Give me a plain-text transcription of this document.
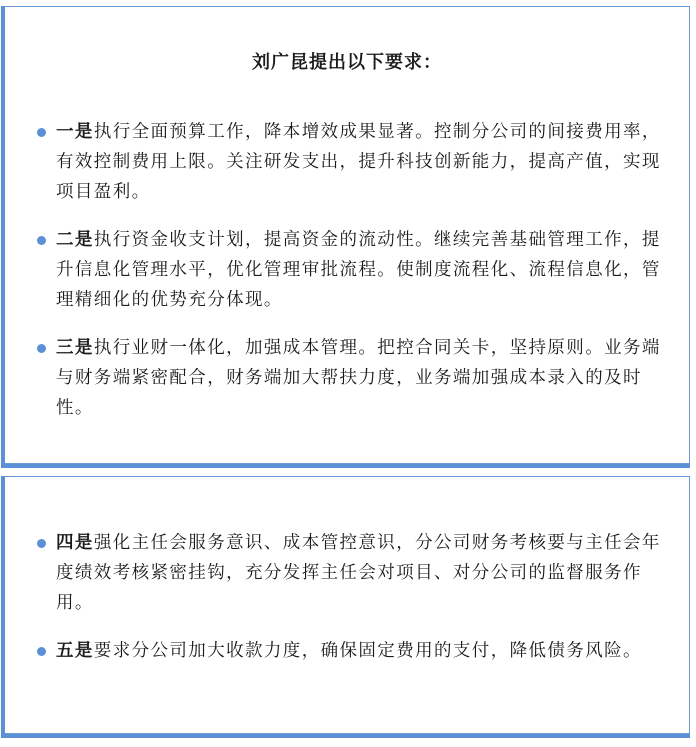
刘广昆提出以下要求：
一是执行全面预算工作，降本增效成果显著。控制分公司的间接费用率，有效控制费用上限。关注研发支出，提升科技创新能力，提高产值，实现项目盈利。
二是执行资金收支计划，提高资金的流动性。继续完善基础管理工作，提升信息化管理水平，优化管理审批流程。使制度流程化、流程信息化，管理精细化的优势充分体现。
三是执行业财一体化，加强成本管理。把控合同关卡，坚持原则。业务端与财务端紧密配合，财务端加大帮扶力度，业务端加强成本录入的及时性。
四是强化主任会服务意识、成本管控意识，分公司财务考核要与主任会年度绩效考核紧密挂钩，充分发挥主任会对项目、对分公司的监督服务作用。
五是要求分公司加大收款力度，确保固定费用的支付，降低债务风险。
